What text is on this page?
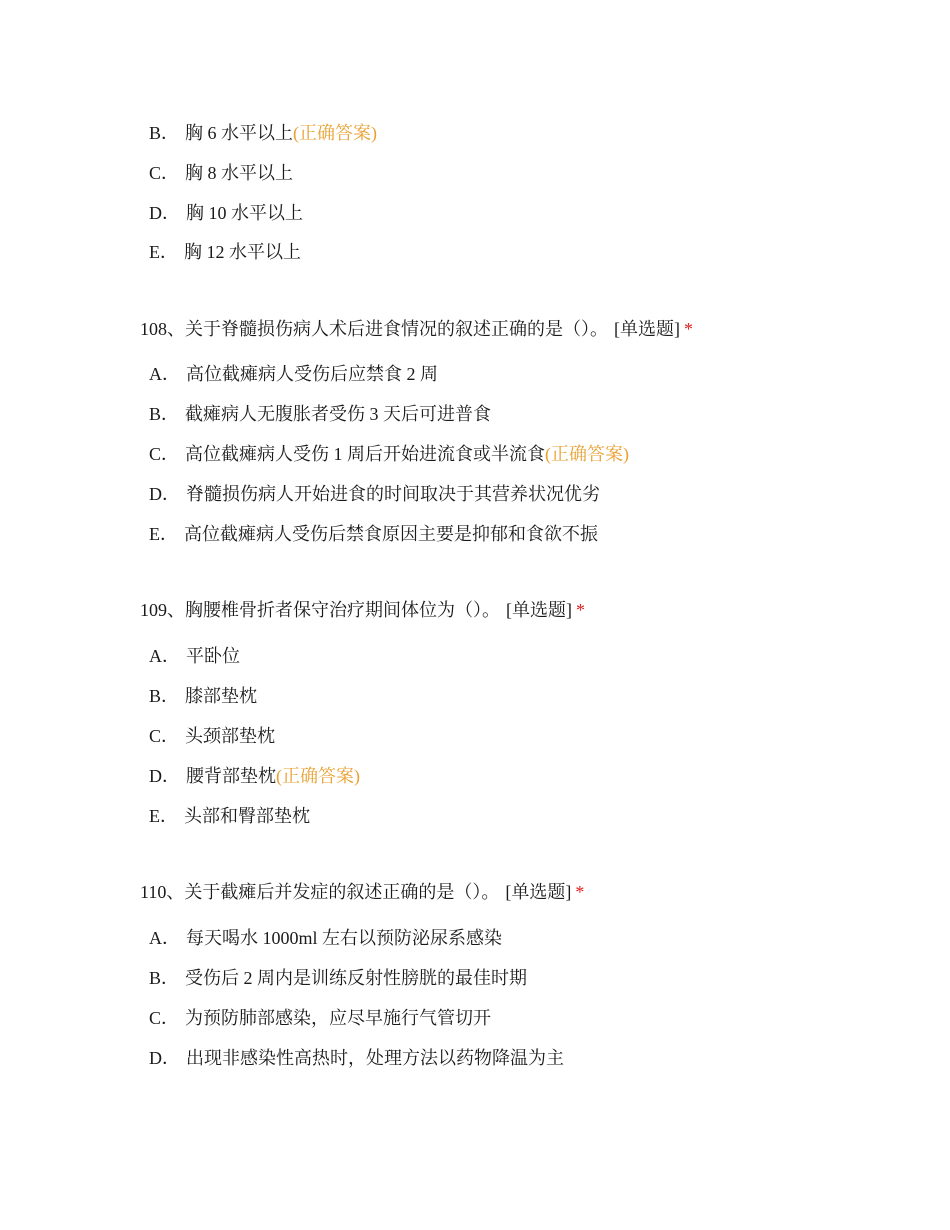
B． 胸 6 水平以上(正确答案)
C． 胸 8 水平以上
D． 胸 10 水平以上
E． 胸 12 水平以上
108、关于脊髓损伤病人术后进食情况的叙述正确的是（）。 [单选题] *
A． 高位截瘫病人受伤后应禁食 2 周
B． 截瘫病人无腹胀者受伤 3 天后可进普食
C． 高位截瘫病人受伤 1 周后开始进流食或半流食(正确答案)
D． 脊髓损伤病人开始进食的时间取决于其营养状况优劣
E． 高位截瘫病人受伤后禁食原因主要是抑郁和食欲不振
109、胸腰椎骨折者保守治疗期间体位为（）。 [单选题] *
A． 平卧位
B． 膝部垫枕
C． 头颈部垫枕
D． 腰背部垫枕(正确答案)
E． 头部和臀部垫枕
110、关于截瘫后并发症的叙述正确的是（）。 [单选题] *
A． 每天喝水 1000ml 左右以预防泌尿系感染
B． 受伤后 2 周内是训练反射性膀胱的最佳时期
C． 为预防肺部感染，应尽早施行气管切开
D． 出现非感染性高热时，处理方法以药物降温为主
